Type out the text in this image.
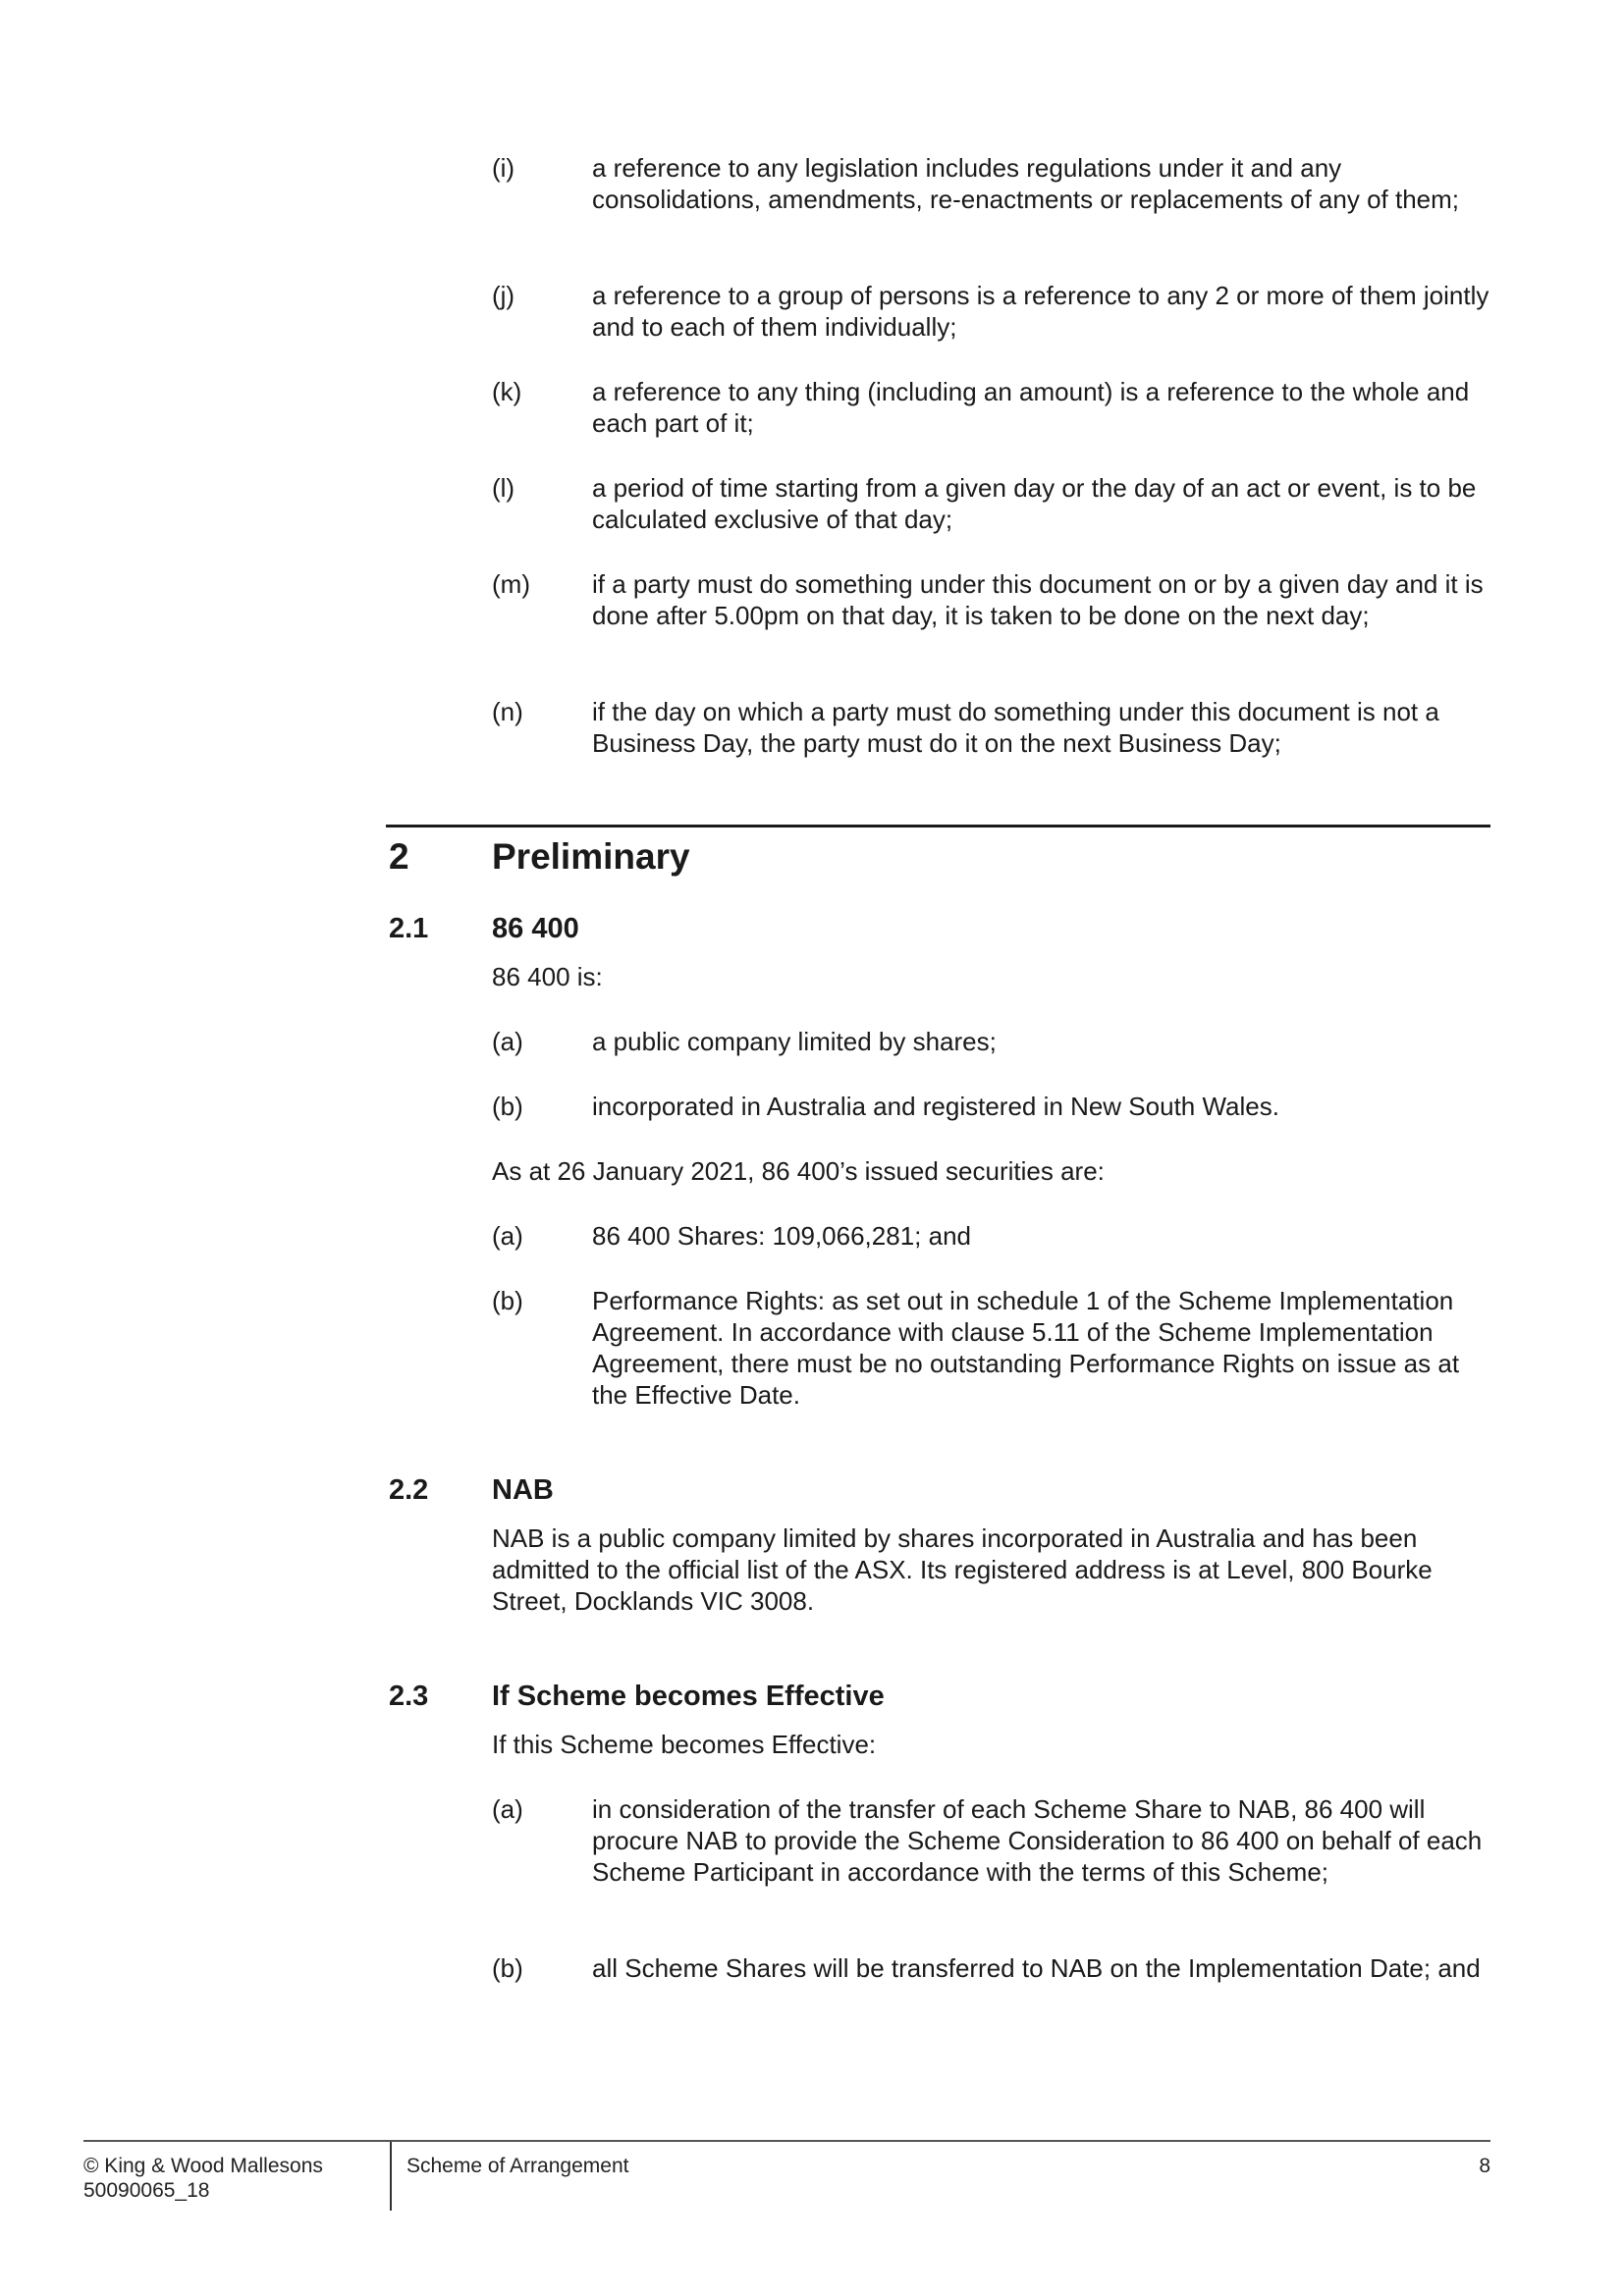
(i)	a reference to any legislation includes regulations under it and any consolidations, amendments, re-enactments or replacements of any of them;
(j)	a reference to a group of persons is a reference to any 2 or more of them jointly and to each of them individually;
(k)	a reference to any thing (including an amount) is a reference to the whole and each part of it;
(l)	a period of time starting from a given day or the day of an act or event, is to be calculated exclusive of that day;
(m) if a party must do something under this document on or by a given day and it is done after 5.00pm on that day, it is taken to be done on the next day;
(n)	if the day on which a party must do something under this document is not a Business Day, the party must do it on the next Business Day;
2 Preliminary
2.1 86 400
86 400 is:
(a)	a public company limited by shares;
(b)	incorporated in Australia and registered in New South Wales.
As at 26 January 2021, 86 400’s issued securities are:
(a)	86 400 Shares: 109,066,281; and
(b)	Performance Rights: as set out in schedule 1 of the Scheme Implementation Agreement. In accordance with clause 5.11 of the Scheme Implementation Agreement, there must be no outstanding Performance Rights on issue as at the Effective Date.
2.2 NAB
NAB is a public company limited by shares incorporated in Australia and has been admitted to the official list of the ASX. Its registered address is at Level, 800 Bourke Street, Docklands VIC 3008.
2.3 If Scheme becomes Effective
If this Scheme becomes Effective:
(a)	in consideration of the transfer of each Scheme Share to NAB, 86 400 will procure NAB to provide the Scheme Consideration to 86 400 on behalf of each Scheme Participant in accordance with the terms of this Scheme;
(b)	all Scheme Shares will be transferred to NAB on the Implementation Date; and
© King & Wood Mallesons
50090065_18
Scheme of Arrangement	8
